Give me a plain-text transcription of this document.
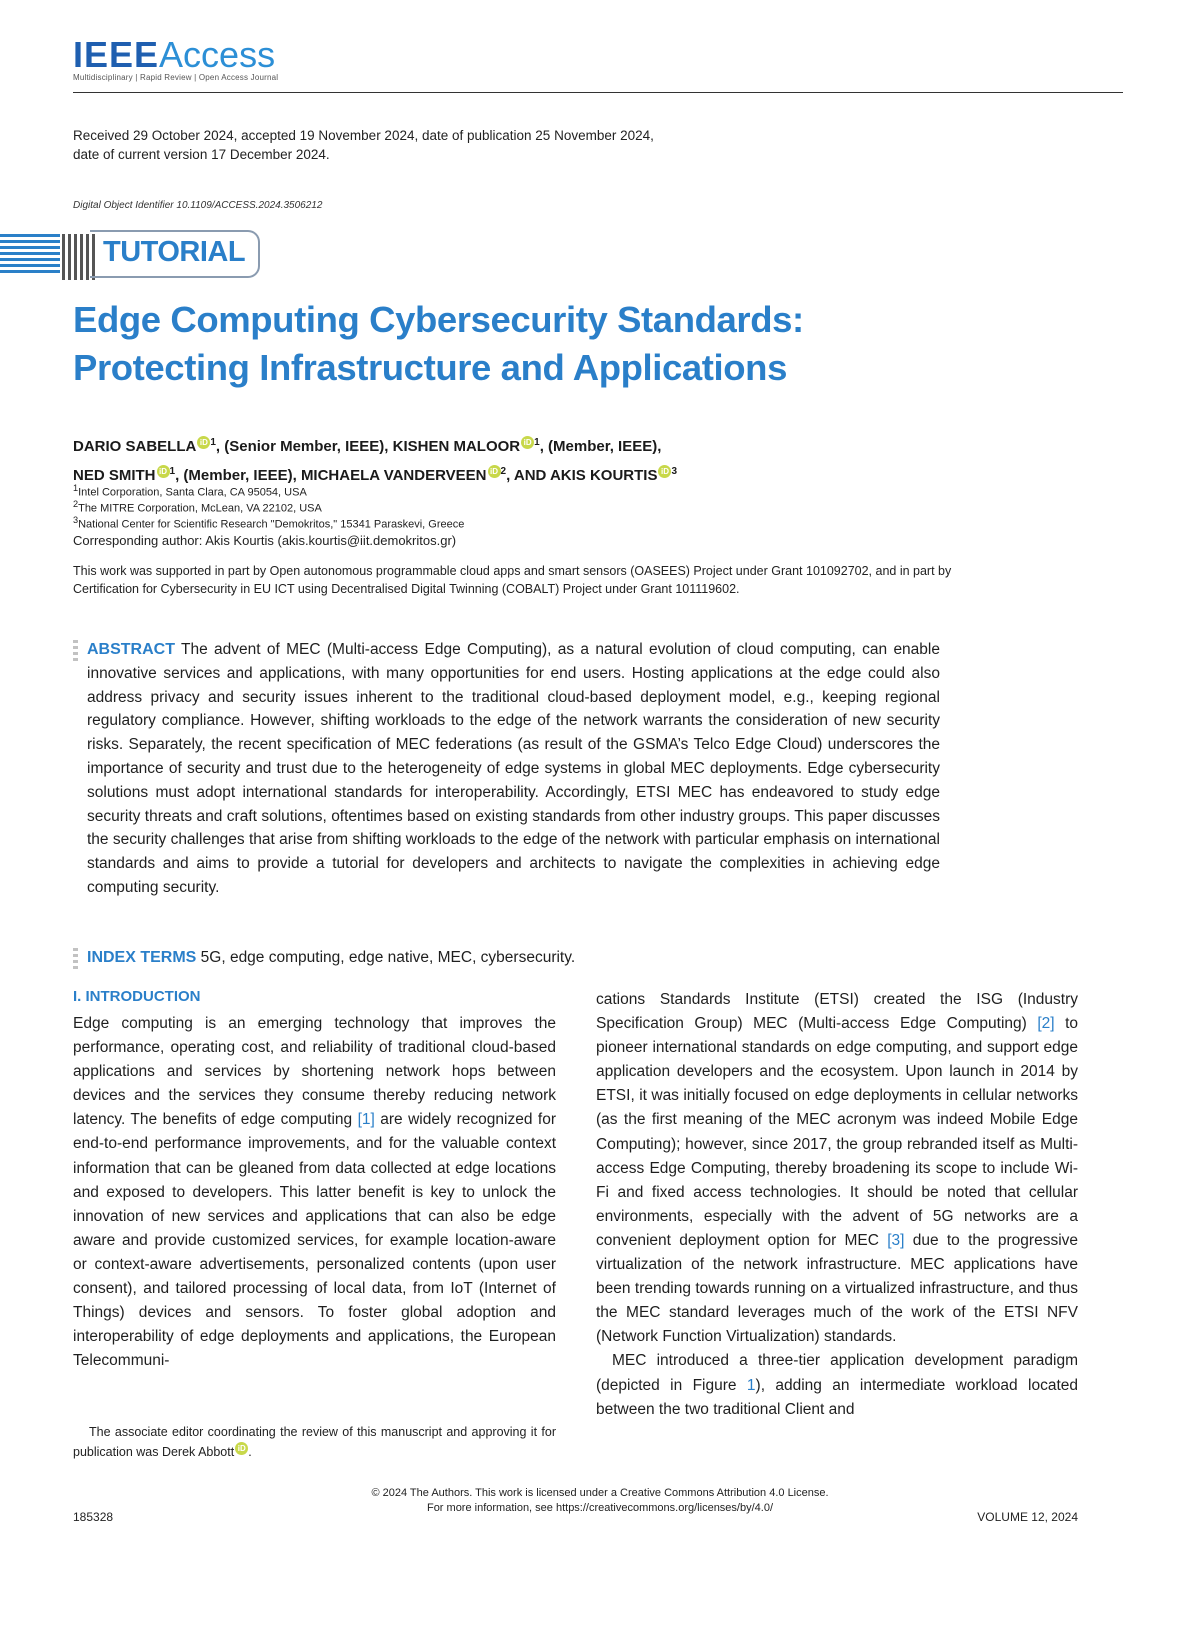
IEEEAccess
Multidisciplinary | Rapid Review | Open Access Journal
Received 29 October 2024, accepted 19 November 2024, date of publication 25 November 2024,
date of current version 17 December 2024.
Digital Object Identifier 10.1109/ACCESS.2024.3506212
TUTORIAL
Edge Computing Cybersecurity Standards:
Protecting Infrastructure and Applications
DARIO SABELLA iD $^1$, (Senior Member, IEEE), KISHEN MALOOR iD $^1$, (Member, IEEE),
NED SMITH iD $^1$, (Member, IEEE), MICHAELA VANDERVEEN iD $^2$, AND AKIS KOURTIS iD $^3$
$^1$Intel Corporation, Santa Clara, CA 95054, USA
$^2$The MITRE Corporation, McLean, VA 22102, USA
$^3$National Center for Scientific Research "Demokritos," 15341 Paraskevi, Greece
Corresponding author: Akis Kourtis (akis.kourtis@iit.demokritos.gr)
This work was supported in part by Open autonomous programmable cloud apps and smart sensors (OASEES) Project under Grant 101092702, and in part by Certification for Cybersecurity in EU ICT using Decentralised Digital Twinning (COBALT) Project under Grant 101119602.
ABSTRACT The advent of MEC (Multi-access Edge Computing), as a natural evolution of cloud computing, can enable innovative services and applications, with many opportunities for end users. Hosting applications at the edge could also address privacy and security issues inherent to the traditional cloud-based deployment model, e.g., keeping regional regulatory compliance. However, shifting workloads to the edge of the network warrants the consideration of new security risks. Separately, the recent specification of MEC federations (as result of the GSMA’s Telco Edge Cloud) underscores the importance of security and trust due to the heterogeneity of edge systems in global MEC deployments. Edge cybersecurity solutions must adopt international standards for interoperability. Accordingly, ETSI MEC has endeavored to study edge security threats and craft solutions, oftentimes based on existing standards from other industry groups. This paper discusses the security challenges that arise from shifting workloads to the edge of the network with particular emphasis on international standards and aims to provide a tutorial for developers and architects to navigate the complexities in achieving edge computing security.
INDEX TERMS 5G, edge computing, edge native, MEC, cybersecurity.
I. INTRODUCTION
Edge computing is an emerging technology that improves the performance, operating cost, and reliability of traditional cloud-based applications and services by shortening network hops between devices and the services they consume thereby reducing network latency. The benefits of edge computing [1] are widely recognized for end-to-end performance improvements, and for the valuable context information that can be gleaned from data collected at edge locations and exposed to developers. This latter benefit is key to unlock the innovation of new services and applications that can also be edge aware and provide customized services, for example location-aware or context-aware advertisements, personalized contents (upon user consent), and tailored processing of local data, from IoT (Internet of Things) devices and sensors. To foster global adoption and interoperability of edge deployments and applications, the European Telecommuni-
cations Standards Institute (ETSI) created the ISG (Industry Specification Group) MEC (Multi-access Edge Computing) [2] to pioneer international standards on edge computing, and support edge application developers and the ecosystem. Upon launch in 2014 by ETSI, it was initially focused on edge deployments in cellular networks (as the first meaning of the MEC acronym was indeed Mobile Edge Computing); however, since 2017, the group rebranded itself as Multi-access Edge Computing, thereby broadening its scope to include Wi-Fi and fixed access technologies. It should be noted that cellular environments, especially with the advent of 5G networks are a convenient deployment option for MEC [3] due to the progressive virtualization of the network infrastructure. MEC applications have been trending towards running on a virtualized infrastructure, and thus the MEC standard leverages much of the work of the ETSI NFV (Network Function Virtualization) standards.
MEC introduced a three-tier application development paradigm (depicted in Figure 1), adding an intermediate workload located between the two traditional Client and
The associate editor coordinating the review of this manuscript and approving it for publication was Derek Abbott iD .
185328
© 2024 The Authors. This work is licensed under a Creative Commons Attribution 4.0 License.
For more information, see https://creativecommons.org/licenses/by/4.0/
VOLUME 12, 2024
